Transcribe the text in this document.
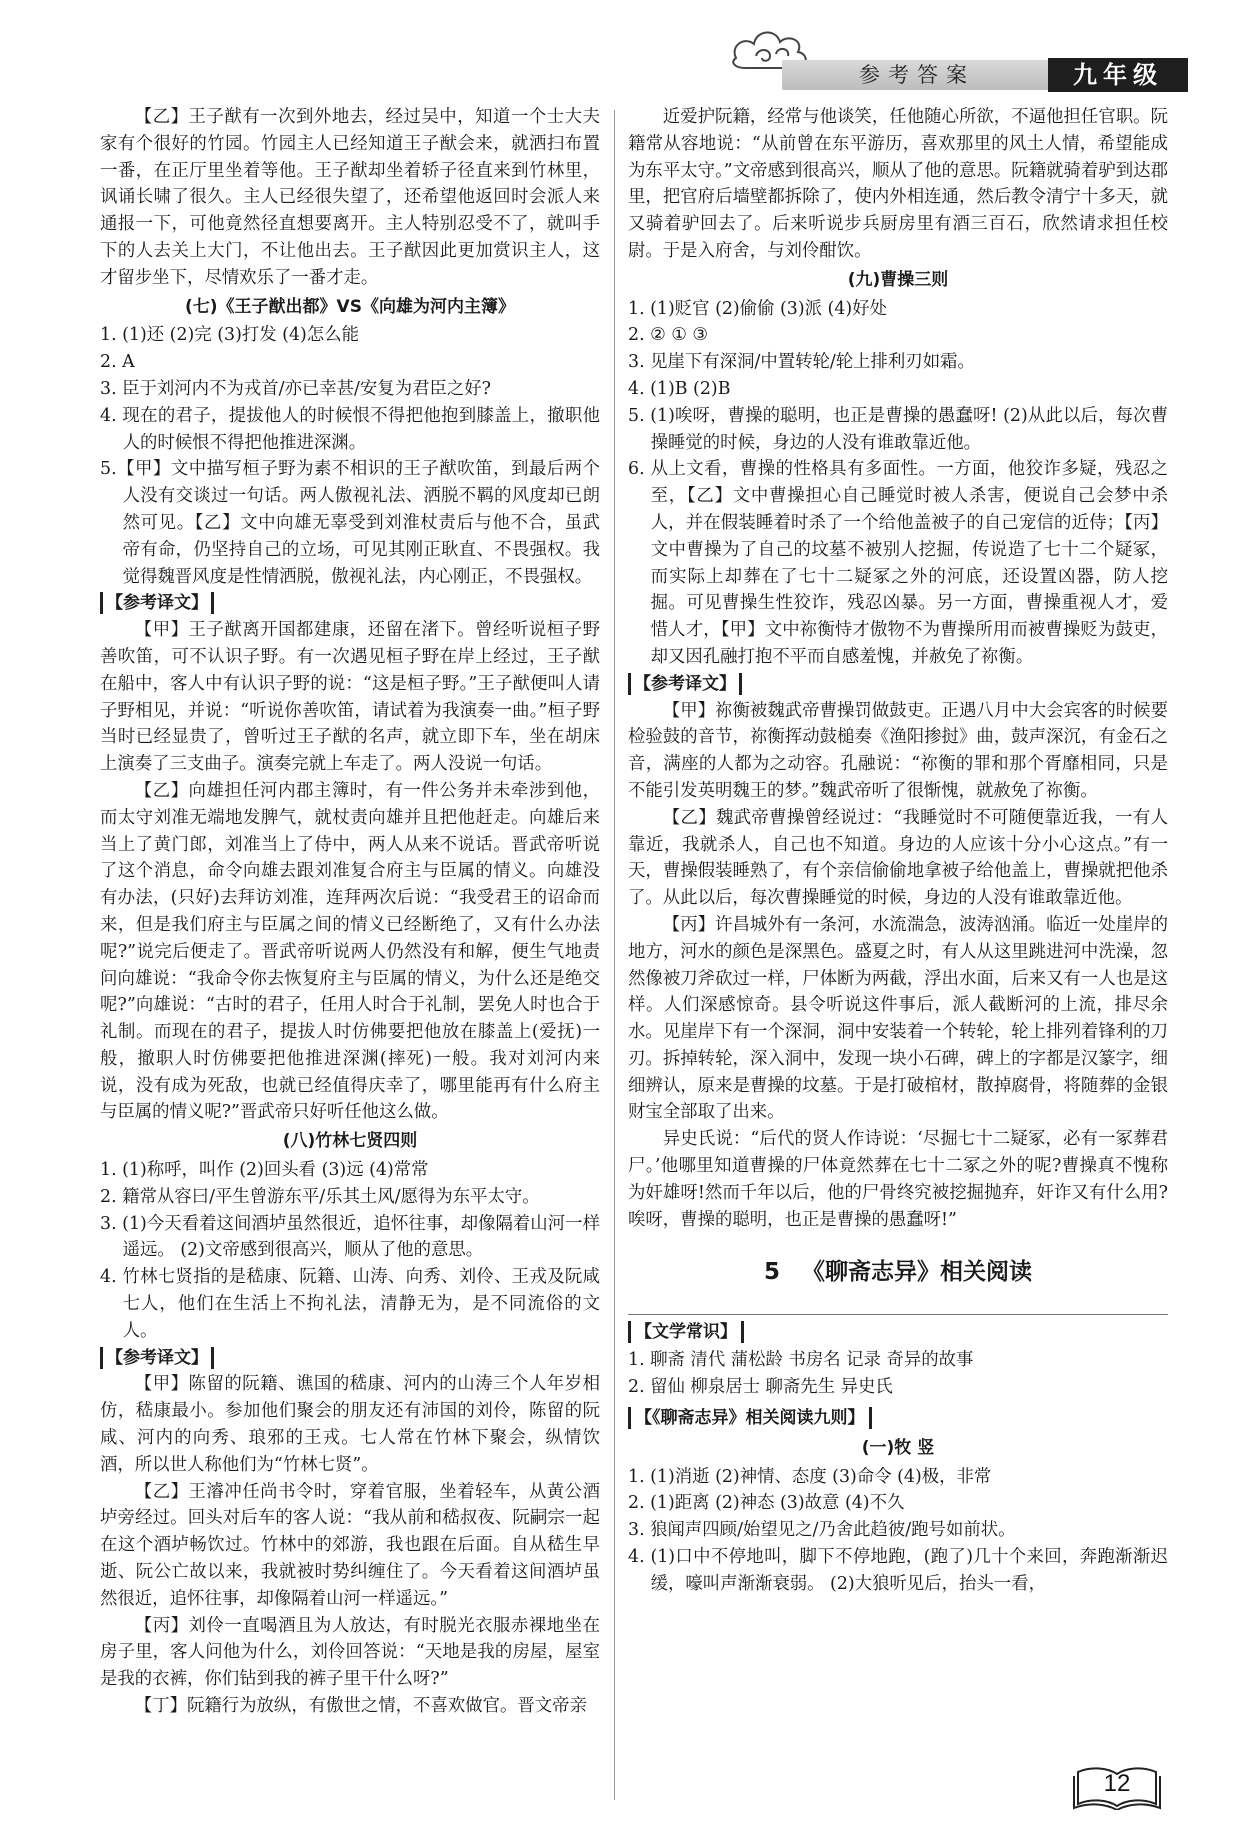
参考答案	九年级

【乙】王子猷有一次到外地去，经过吴中，知道一个士大夫家有个很好的竹园。竹园主人已经知道王子猷会来，就洒扫布置一番，在正厅里坐着等他。王子猷却坐着轿子径直来到竹林里，讽诵长啸了很久。主人已经很失望了，还希望他返回时会派人来通报一下，可他竟然径直想要离开。主人特别忍受不了，就叫手下的人去关上大门，不让他出去。王子猷因此更加赏识主人，这才留步坐下，尽情欢乐了一番才走。

(七)《王子猷出都》VS《向雄为河内主簿》

1. (1)还 (2)完 (3)打发 (4)怎么能

2. A

3. 臣于刘河内不为戎首/亦已幸甚/安复为君臣之好?

4. 现在的君子，提拔他人的时候恨不得把他抱到膝盖上，撤职他人的时候恨不得把他推进深渊。

5.【甲】文中描写桓子野为素不相识的王子猷吹笛，到最后两个人没有交谈过一句话。两人傲视礼法、洒脱不羁的风度却已朗然可见。【乙】文中向雄无辜受到刘淮杖责后与他不合，虽武帝有命，仍坚持自己的立场，可见其刚正耿直、不畏强权。我觉得魏晋风度是性情洒脱，傲视礼法，内心刚正，不畏强权。

【参考译文】

【甲】王子猷离开国都建康，还留在渚下。曾经听说桓子野善吹笛，可不认识子野。有一次遇见桓子野在岸上经过，王子猷在船中，客人中有认识子野的说：“这是桓子野。”王子猷便叫人请子野相见，并说：“听说你善吹笛，请试着为我演奏一曲。”桓子野当时已经显贵了，曾听过王子猷的名声，就立即下车，坐在胡床上演奏了三支曲子。演奏完就上车走了。两人没说一句话。

【乙】向雄担任河内郡主簿时，有一件公务并未牵涉到他，而太守刘准无端地发脾气，就杖责向雄并且把他赶走。向雄后来当上了黄门郎，刘准当上了侍中，两人从来不说话。晋武帝听说了这个消息，命令向雄去跟刘准复合府主与臣属的情义。向雄没有办法，(只好)去拜访刘准，连拜两次后说：“我受君王的诏命而来，但是我们府主与臣属之间的情义已经断绝了，又有什么办法呢?”说完后便走了。晋武帝听说两人仍然没有和解，便生气地责问向雄说：“我命令你去恢复府主与臣属的情义，为什么还是绝交呢?”向雄说：“古时的君子，任用人时合于礼制，罢免人时也合于礼制。而现在的君子，提拔人时仿佛要把他放在膝盖上(爱抚)一般，撤职人时仿佛要把他推进深渊(摔死)一般。我对刘河内来说，没有成为死敌，也就已经值得庆幸了，哪里能再有什么府主与臣属的情义呢?”晋武帝只好听任他这么做。

(八)竹林七贤四则

1. (1)称呼，叫作 (2)回头看 (3)远 (4)常常

2. 籍常从容曰/平生曾游东平/乐其土风/愿得为东平太守。

3. (1)今天看着这间酒垆虽然很近，追怀往事，却像隔着山河一样遥远。 (2)文帝感到很高兴，顺从了他的意思。

4. 竹林七贤指的是嵇康、阮籍、山涛、向秀、刘伶、王戎及阮咸七人，他们在生活上不拘礼法，清静无为，是不同流俗的文人。

【参考译文】

【甲】陈留的阮籍、谯国的嵇康、河内的山涛三个人年岁相仿，嵇康最小。参加他们聚会的朋友还有沛国的刘伶，陈留的阮咸、河内的向秀、琅邪的王戎。七人常在竹林下聚会，纵情饮酒，所以世人称他们为“竹林七贤”。

【乙】王濬冲任尚书令时，穿着官服，坐着轻车，从黄公酒垆旁经过。回头对后车的客人说：“我从前和嵇叔夜、阮嗣宗一起在这个酒垆畅饮过。竹林中的郊游，我也跟在后面。自从嵇生早逝、阮公亡故以来，我就被时势纠缠住了。今天看着这间酒垆虽然很近，追怀往事，却像隔着山河一样遥远。”

【丙】刘伶一直喝酒且为人放达，有时脱光衣服赤裸地坐在房子里，客人问他为什么，刘伶回答说：“天地是我的房屋，屋室是我的衣裤，你们钻到我的裤子里干什么呀?”

【丁】阮籍行为放纵，有傲世之情，不喜欢做官。晋文帝亲

近爱护阮籍，经常与他谈笑，任他随心所欲，不逼他担任官职。阮籍常从容地说：“从前曾在东平游历，喜欢那里的风土人情，希望能成为东平太守。”文帝感到很高兴，顺从了他的意思。阮籍就骑着驴到达郡里，把官府后墙壁都拆除了，使内外相连通，然后教令清宁十多天，就又骑着驴回去了。后来听说步兵厨房里有酒三百石，欣然请求担任校尉。于是入府舍，与刘伶酣饮。

(九)曹操三则

1. (1)贬官 (2)偷偷 (3)派 (4)好处

2. ② ① ③

3. 见崖下有深洞/中置转轮/轮上排利刃如霜。

4. (1)B (2)B

5. (1)唉呀，曹操的聪明，也正是曹操的愚蠢呀! (2)从此以后，每次曹操睡觉的时候，身边的人没有谁敢靠近他。

6. 从上文看，曹操的性格具有多面性。一方面，他狡诈多疑，残忍之至，【乙】文中曹操担心自己睡觉时被人杀害，便说自己会梦中杀人，并在假装睡着时杀了一个给他盖被子的自己宠信的近侍；【丙】文中曹操为了自己的坟墓不被别人挖掘，传说造了七十二个疑冢，而实际上却葬在了七十二疑冢之外的河底，还设置凶器，防人挖掘。可见曹操生性狡诈，残忍凶暴。另一方面，曹操重视人才，爱惜人才，【甲】文中祢衡恃才傲物不为曹操所用而被曹操贬为鼓吏，却又因孔融打抱不平而自感羞愧，并赦免了祢衡。

【参考译文】

【甲】祢衡被魏武帝曹操罚做鼓吏。正遇八月中大会宾客的时候要检验鼓的音节，祢衡挥动鼓槌奏《渔阳掺挝》曲，鼓声深沉，有金石之音，满座的人都为之动容。孔融说：“祢衡的罪和那个胥靡相同，只是不能引发英明魏王的梦。”魏武帝听了很惭愧，就赦免了祢衡。

【乙】魏武帝曹操曾经说过：“我睡觉时不可随便靠近我，一有人靠近，我就杀人，自己也不知道。身边的人应该十分小心这点。”有一天，曹操假装睡熟了，有个亲信偷偷地拿被子给他盖上，曹操就把他杀了。从此以后，每次曹操睡觉的时候，身边的人没有谁敢靠近他。

【丙】许昌城外有一条河，水流湍急，波涛汹涌。临近一处崖岸的地方，河水的颜色是深黑色。盛夏之时，有人从这里跳进河中洗澡，忽然像被刀斧砍过一样，尸体断为两截，浮出水面，后来又有一人也是这样。人们深感惊奇。县令听说这件事后，派人截断河的上流，排尽余水。见崖岸下有一个深洞，洞中安装着一个转轮，轮上排列着锋利的刀刃。拆掉转轮，深入洞中，发现一块小石碑，碑上的字都是汉篆字，细细辨认，原来是曹操的坟墓。于是打破棺材，散掉腐骨，将随葬的金银财宝全部取了出来。

异史氏说：“后代的贤人作诗说：‘尽掘七十二疑冢，必有一冢葬君尸。’他哪里知道曹操的尸体竟然葬在七十二冢之外的呢?曹操真不愧称为奸雄呀!然而千年以后，他的尸骨终究被挖掘抛弃，奸诈又有什么用?唉呀，曹操的聪明，也正是曹操的愚蠢呀!”

5 《聊斋志异》相关阅读
【文学常识】

1. 聊斋 清代 蒲松龄 书房名 记录 奇异的故事

2. 留仙 柳泉居士 聊斋先生 异史氏

【《聊斋志异》相关阅读九则】

(一)牧 竖

1. (1)消逝 (2)神情、态度 (3)命令 (4)极，非常

2. (1)距离 (2)神态 (3)故意 (4)不久

3. 狼闻声四顾/始望见之/乃舍此趋彼/跑号如前状。

4. (1)口中不停地叫，脚下不停地跑，(跑了)几十个来回，奔跑渐渐迟缓，嚎叫声渐渐衰弱。 (2)大狼听见后，抬头一看，

12
